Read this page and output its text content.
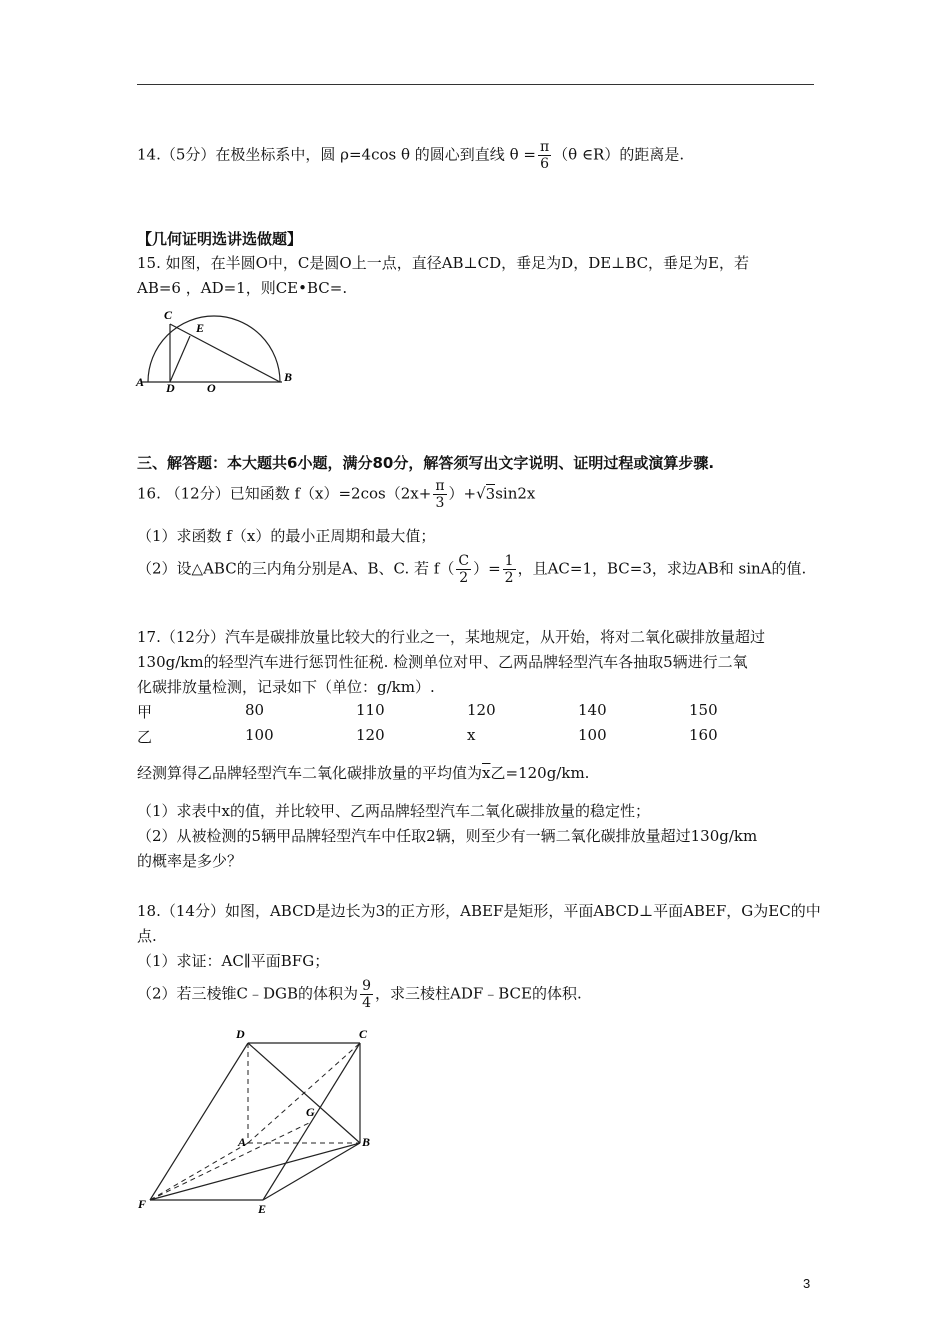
14.（5分）在极坐标系中，圆 ρ=4cos θ 的圆心到直线 $\theta = \frac{\pi}{6} (\theta$ ∈R）的距离是.
【几何证明选讲选做题】
15. 如图，在半圆O中，C是圆O上一点，直径AB⊥CD，垂足为D，DE⊥BC，垂足为E，若
AB=6 ，AD=1，则CE•BC=.
A	B
C
D
E
O
三、解答题：本大题共6小题，满分80分，解答须写出文字说明、证明过程或演算步骤.
16. （12分）已知函数 $f(x)=2\cos(2x+ \frac{\pi}{3} )+√3\sin 2x$
（1）求函数 f（x）的最小正周期和最大值；
（2）设△ABC的三内角分别是A、B、C. 若 $f( \frac{C}{2}$ ）= $\frac{1}{2}$ ，且AC=1，BC=3，求边AB和 sinA的值.
17.（12分）汽车是碳排放量比较大的行业之一，某地规定，从开始，将对二氧化碳排放量超过
130g/km的轻型汽车进行惩罚性征税. 检测单位对甲、乙两品牌轻型汽车各抽取5辆进行二氧
化碳排放量检测，记录如下（单位：g/km）.
甲	80	110	120	140	150
乙	100	120	x	100	160
经测算得乙品牌轻型汽车二氧化碳排放量的平均值为$\overline{x}$乙=120g/km.
（1）求表中x的值，并比较甲、乙两品牌轻型汽车二氧化碳排放量的稳定性；
（2）从被检测的5辆甲品牌轻型汽车中任取2辆，则至少有一辆二氧化碳排放量超过130g/km
的概率是多少？
18.（14分）如图，ABCD是边长为3的正方形，ABEF是矩形，平面ABCD⊥平面ABEF，G为EC的中
点.
（1）求证：AC∥平面BFG；
（2）若三棱锥C﹣DGB的体积为 $\frac{9}{4}$ ，求三棱柱ADF﹣BCE的体积.
D	C
A	B
G
F	E
3
